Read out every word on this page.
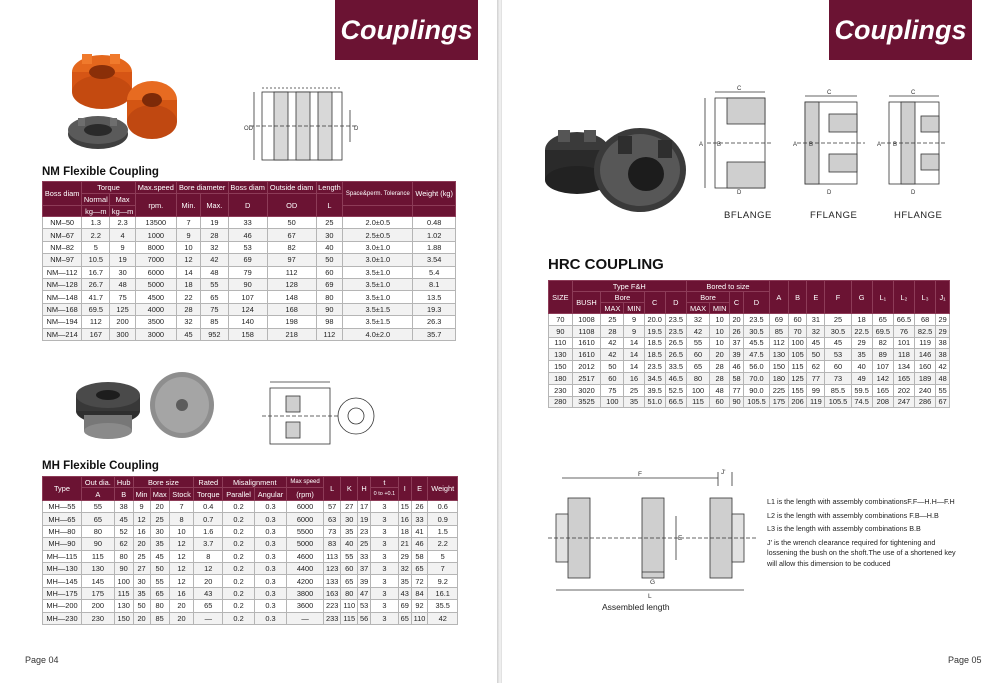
Couplings
OD	D
NM Flexible Coupling
Boss diam	Torque		Max.speed	Bore diameter		Boss diam	Outside diam	Length	Space&perm. Tolerance	Weight (kg)
	Normal	Max	rpm.	Min.	Max.	D	OD	L		
	kg—m	kg—m								
NM–50	1.3	2.3	13500	7	19	33	50	25	2.0±0.5	0.48
NM–67	2.2	4	1000	9	28	46	67	30	2.5±0.5	1.02
NM–82	5	9	8000	10	32	53	82	40	3.0±1.0	1.88
NM–97	10.5	19	7000	12	42	69	97	50	3.0±1.0	3.54
NM—112	16.7	30	6000	14	48	79	112	60	3.5±1.0	5.4
NM—128	26.7	48	5000	18	55	90	128	69	3.5±1.0	8.1
NM—148	41.7	75	4500	22	65	107	148	80	3.5±1.0	13.5
NM—168	69.5	125	4000	28	75	124	168	90	3.5±1.5	19.3
NM—194	112	200	3500	32	85	140	198	98	3.5±1.5	26.3
NM—214	167	300	3000	45	952	158	218	112	4.0±2.0	35.7
MH Flexible Coupling
Type	Out dia.	Hub	Bore size			Rated	Misalignment		Max speed	L	K	H	t	I	E	Weight
	A	B	Min	Max	Stock	Torque	Parallel	Angular	(rpm)				0 to +0.1			
MH—55	55	38	9	20	7	0.4	0.2	0.3	6000	57	27	17	3	15	26	0.6
MH—65	65	45	12	25	8	0.7	0.2	0.3	6000	63	30	19	3	16	33	0.9
MH—80	80	52	16	30	10	1.6	0.2	0.3	5500	73	35	23	3	18	41	1.5
MH—90	90	62	20	35	12	3.7	0.2	0.3	5000	83	40	25	3	21	46	2.2
MH—115	115	80	25	45	12	8	0.2	0.3	4600	113	55	33	3	29	58	5
MH—130	130	90	27	50	12	12	0.2	0.3	4400	123	60	37	3	32	65	7
MH—145	145	100	30	55	12	20	0.2	0.3	4200	133	65	39	3	35	72	9.2
MH—175	175	115	35	65	16	43	0.2	0.3	3800	163	80	47	3	43	84	16.1
MH—200	200	130	50	80	20	65	0.2	0.3	3600	223	110	53	3	69	92	35.5
MH—230	230	150	20	85	20	—	0.2	0.3	—	233	115	56	3	65	110	42
Page 04
Couplings
A B
C
D
A B
C
D
A B
C
D
BFLANGE	FFLANGE	HFLANGE
HRC COUPLING
SIZE	Type F&H					Bored to size				A	B	E	F	G	L₁	L₂	L₃	J₁
	BUSH	Bore		C	D	Bore		C	D									
		MAX	MIN			MAX	MIN											
70	1008	25	9	20.0	23.5	32	10	20	23.5	69	60	31	25	18	65	66.5	68	29
90	1108	28	9	19.5	23.5	42	10	26	30.5	85	70	32	30.5	22.5	69.5	76	82.5	29
110	1610	42	14	18.5	26.5	55	10	37	45.5	112	100	45	45	29	82	101	119	38
130	1610	42	14	18.5	26.5	60	20	39	47.5	130	105	50	53	35	89	118	146	38
150	2012	50	14	23.5	33.5	65	28	46	56.0	150	115	62	60	40	107	134	160	42
180	2517	60	16	34.5	46.5	80	28	58	70.0	180	125	77	73	49	142	165	189	48
230	3020	75	25	39.5	52.5	100	48	77	90.0	225	155	99	85.5	59.5	165	202	240	55
280	3525	100	35	51.0	66.5	115	60	90	105.5	175	206	119	105.5	74.5	208	247	286	67
F	J'
E
G
L
Assembled length

L1 is the length with assembly combinationsF.F—H.H—F.H

L2 is the length with assembly combinations F.B—H.B

L3 is the length with assembly combinations B.B

J' is the wrench clearance required for tightening and lossening the bush on the shoft.The use of a shortened key will allow this dimension to be coduced

Page 05
